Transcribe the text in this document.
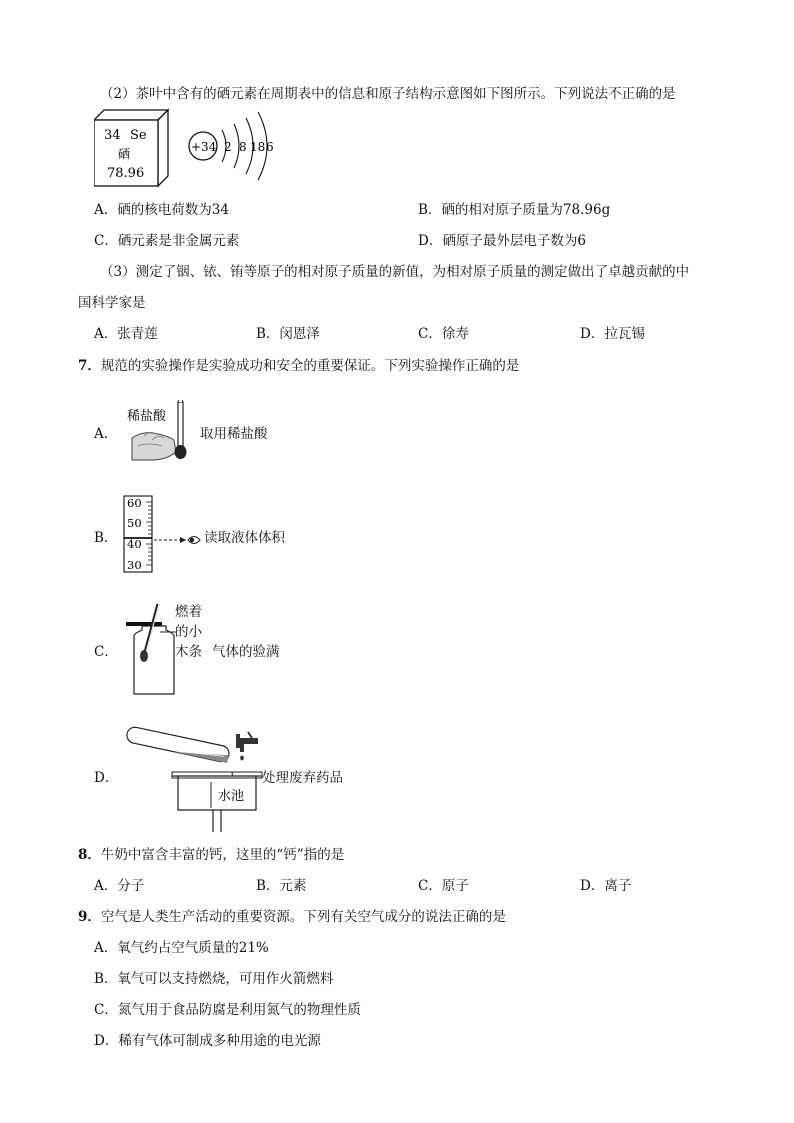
（2）茶叶中含有的硒元素在周期表中的信息和原子结构示意图如下图所示。下列说法不正确的是
34 Se
硒
78.96
+34 2 8 18 6
A．硒的核电荷数为34	B．硒的相对原子质量为78.96g
C．硒元素是非金属元素	D．硒原子最外层电子数为6
（3）测定了铟、铱、铕等原子的相对原子质量的新值，为相对原子质量的测定做出了卓越贡献的中
国科学家是
A．张青莲	B．闵恩泽	C．徐寿	D．拉瓦锡
7．规范的实验操作是实验成功和安全的重要保证。下列实验操作正确的是
A．
稀盐酸
取用稀盐酸
B．
60
50
40
30
读取液体体积
C．
燃着
的小
木条 气体的验满
D．
水池
处理废弃药品
8．牛奶中富含丰富的钙，这里的“钙”指的是
A．分子	B．元素	C．原子	D．离子
9．空气是人类生产活动的重要资源。下列有关空气成分的说法正确的是
A．氧气约占空气质量的21%
B．氧气可以支持燃烧，可用作火箭燃料
C．氮气用于食品防腐是利用氮气的物理性质
D．稀有气体可制成多种用途的电光源
